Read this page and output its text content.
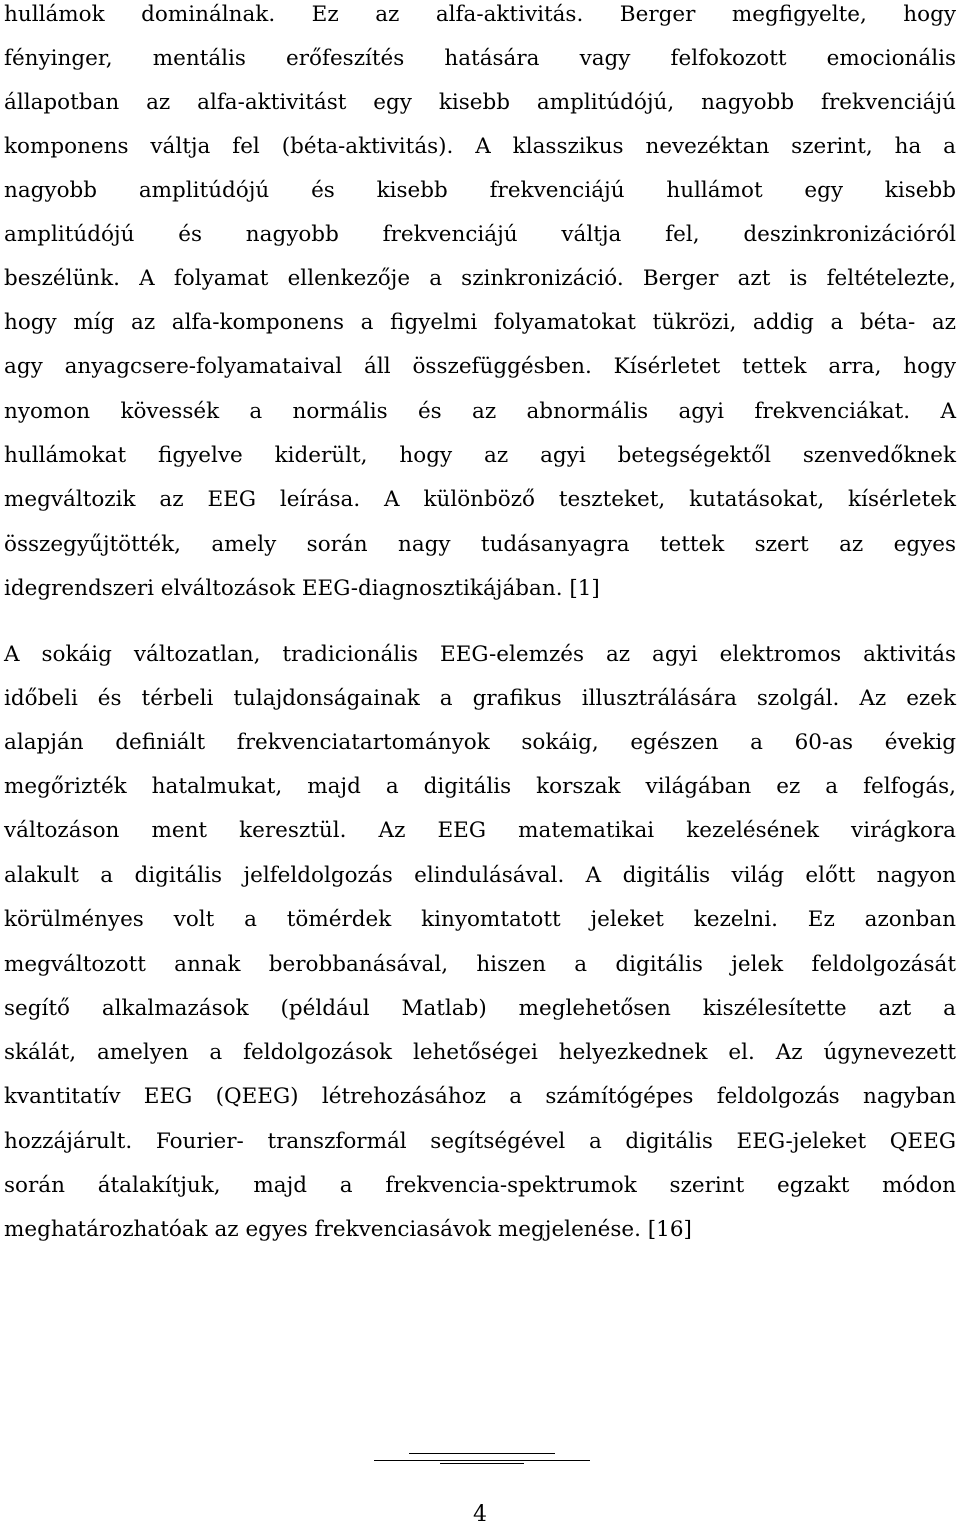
hullámok dominálnak. Ez az alfa-aktivitás. Berger megfigyelte, hogy
fényinger, mentális erőfeszítés hatására vagy felfokozott emocionális
állapotban az alfa-aktivitást egy kisebb amplitúdójú, nagyobb frekvenciájú
komponens váltja fel (béta-aktivitás). A klasszikus nevezéktan szerint, ha a
nagyobb amplitúdójú és kisebb frekvenciájú hullámot egy kisebb
amplitúdójú és nagyobb frekvenciájú váltja fel, deszinkronizációról
beszélünk. A folyamat ellenkezője a szinkronizáció. Berger azt is feltételezte,
hogy míg az alfa-komponens a figyelmi folyamatokat tükrözi, addig a béta- az
agy anyagcsere-folyamataival áll összefüggésben. Kísérletet tettek arra, hogy
nyomon kövessék a normális és az abnormális agyi frekvenciákat. A
hullámokat figyelve kiderült, hogy az agyi betegségektől szenvedőknek
megváltozik az EEG leírása. A különböző teszteket, kutatásokat, kísérletek
összegyűjtötték, amely során nagy tudásanyagra tettek szert az egyes
idegrendszeri elváltozások EEG-diagnosztikájában. [1]
A sokáig változatlan, tradicionális EEG-elemzés az agyi elektromos aktivitás
időbeli és térbeli tulajdonságainak a grafikus illusztrálására szolgál. Az ezek
alapján definiált frekvenciatartományok sokáig, egészen a 60-as évekig
megőrizték hatalmukat, majd a digitális korszak világában ez a felfogás,
változáson ment keresztül. Az EEG matematikai kezelésének virágkora
alakult a digitális jelfeldolgozás elindulásával. A digitális világ előtt nagyon
körülményes volt a tömérdek kinyomtatott jeleket kezelni. Ez azonban
megváltozott annak berobbanásával, hiszen a digitális jelek feldolgozását
segítő alkalmazások (például Matlab) meglehetősen kiszélesítette azt a
skálát, amelyen a feldolgozások lehetőségei helyezkednek el. Az úgynevezett
kvantitatív EEG (QEEG) létrehozásához a számítógépes feldolgozás nagyban
hozzájárult. Fourier- transzformál segítségével a digitális EEG-jeleket QEEG
során átalakítjuk, majd a frekvencia-spektrumok szerint egzakt módon
meghatározhatóak az egyes frekvenciasávok megjelenése. [16]
4
